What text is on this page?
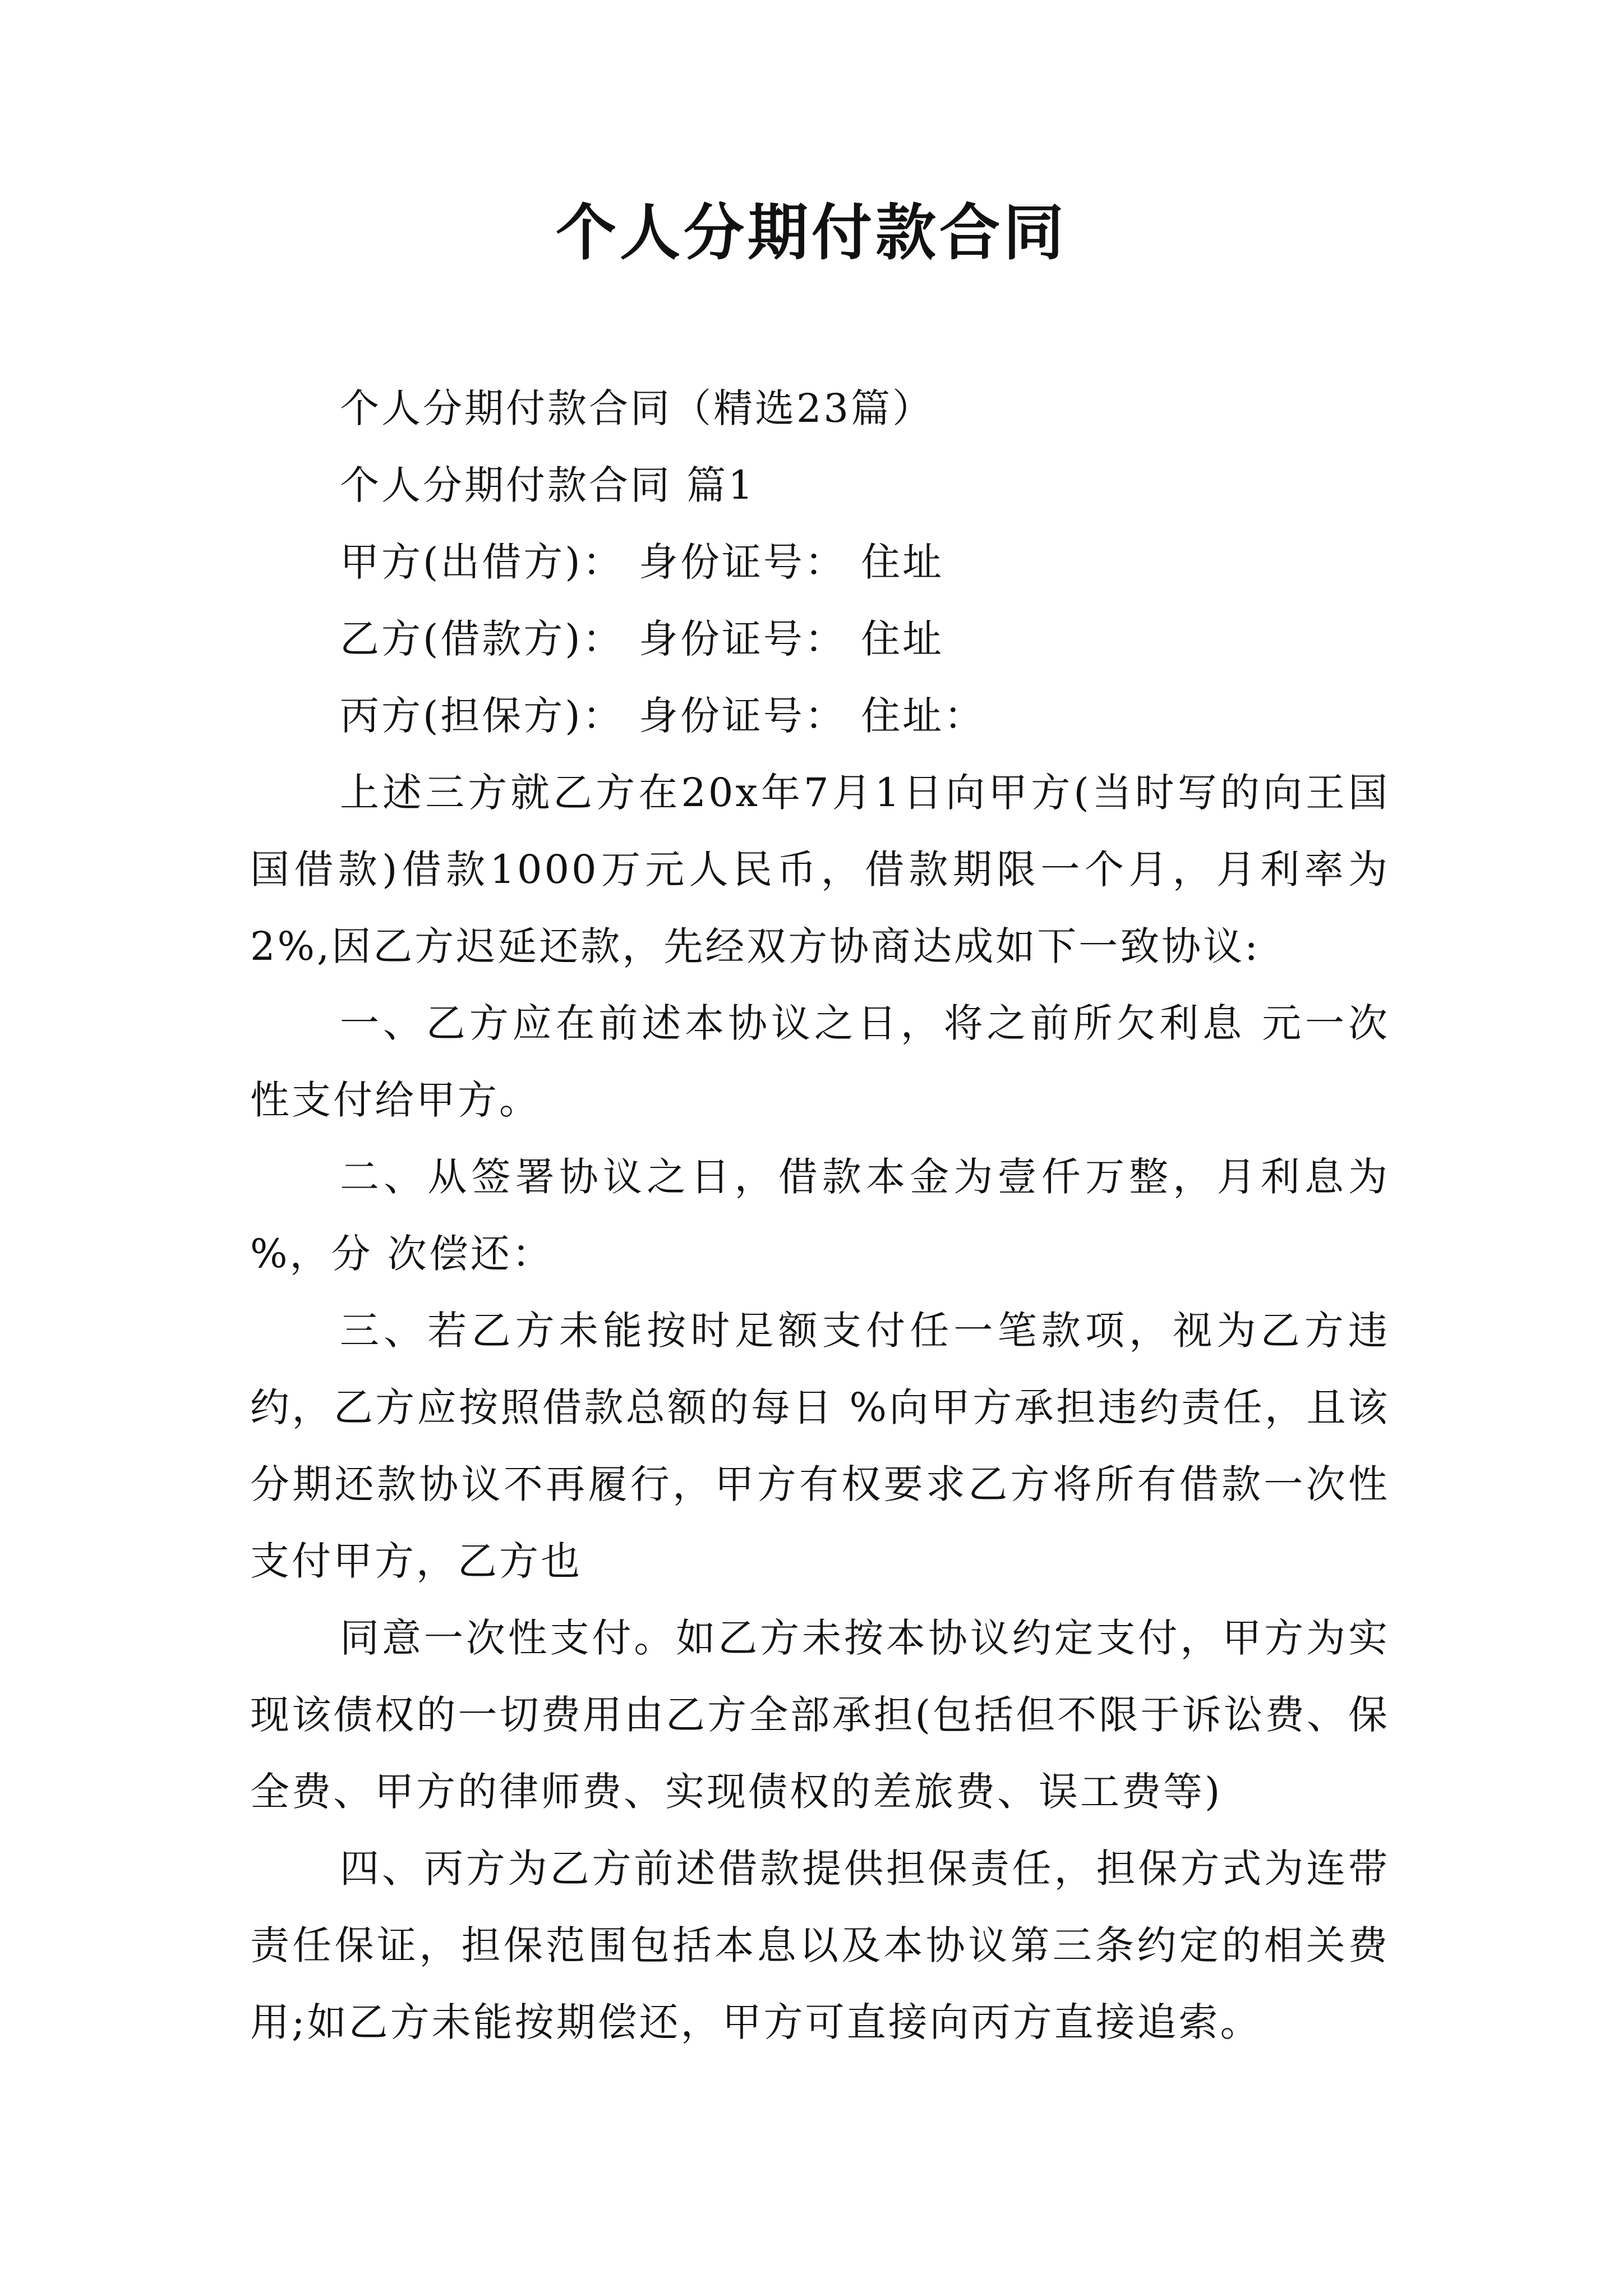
个人分期付款合同

个人分期付款合同（精选23篇）

个人分期付款合同 篇1

甲方(出借方)： 身份证号： 住址

乙方(借款方)： 身份证号： 住址

丙方(担保方)： 身份证号： 住址：

上述三方就乙方在20x年7月1日向甲方(当时写的向王国国借款)借款1000万元人民币，借款期限一个月，月利率为2%,因乙方迟延还款，先经双方协商达成如下一致协议:

一、乙方应在前述本协议之日，将之前所欠利息 元一次性支付给甲方。

二、从签署协议之日，借款本金为壹仟万整，月利息为 %，分 次偿还：

三、若乙方未能按时足额支付任一笔款项，视为乙方违约，乙方应按照借款总额的每日 %向甲方承担违约责任，且该分期还款协议不再履行，甲方有权要求乙方将所有借款一次性支付甲方，乙方也

同意一次性支付。如乙方未按本协议约定支付，甲方为实现该债权的一切费用由乙方全部承担(包括但不限于诉讼费、保全费、甲方的律师费、实现债权的差旅费、误工费等)

四、丙方为乙方前述借款提供担保责任，担保方式为连带责任保证，担保范围包括本息以及本协议第三条约定的相关费用;如乙方未能按期偿还，甲方可直接向丙方直接追索。
